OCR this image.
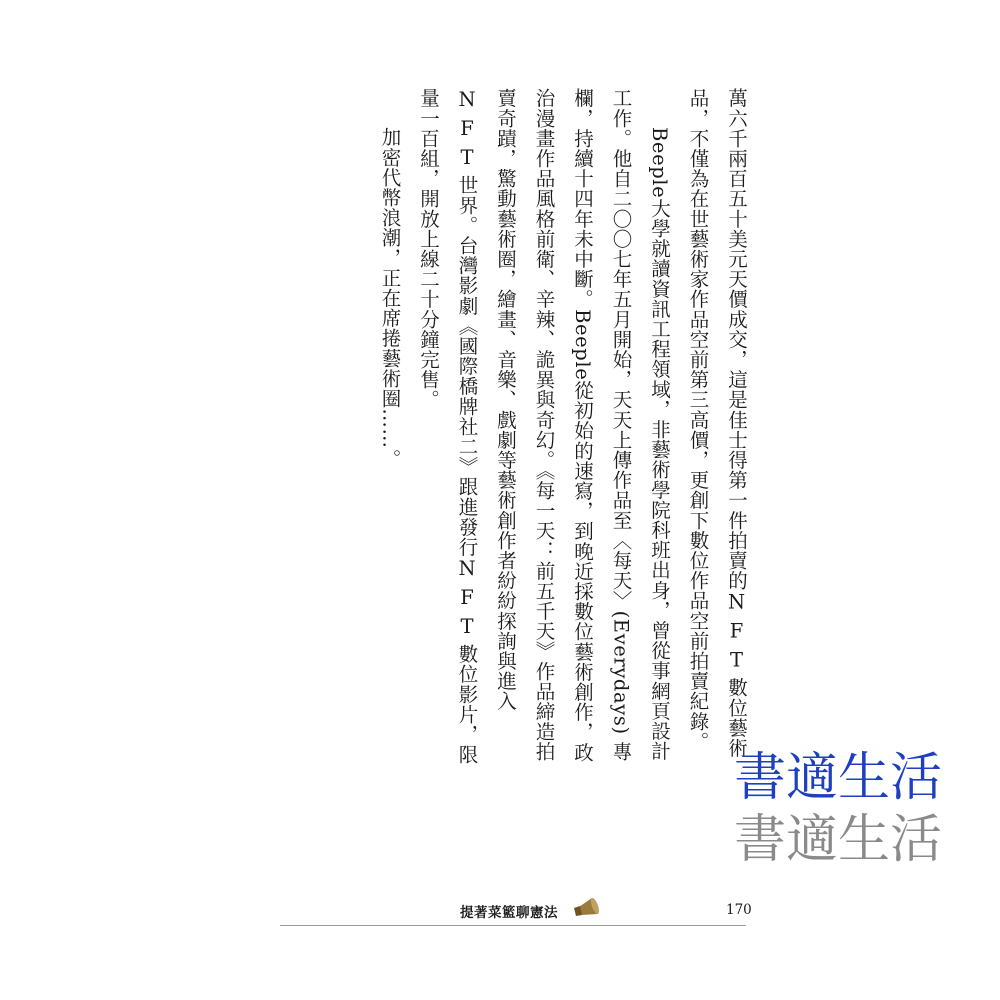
萬六千兩百五十美元天價成交，這是佳士得第一件拍賣的NFT數位藝術品，不僅為在世藝術家作品空前第三高價，更創下數位作品空前拍賣紀錄。

Beeple大學就讀資訊工程領域，非藝術學院科班出身，曾從事網頁設計工作。他自二〇〇七年五月開始，天天上傳作品至〈每天〉(Everydays) 專欄，持續十四年未中斷。Beeple從初始的速寫，到晚近採數位藝術創作，政治漫畫作品風格前衛、辛辣、詭異與奇幻。《每一天：前五千天》作品締造拍賣奇蹟，驚動藝術圈，繪畫、音樂、戲劇等藝術創作者紛紛探詢與進入NFT世界。台灣影劇《國際橋牌社二》跟進發行NFT數位影片，限量一百組，開放上線二十分鐘完售。

加密代幣浪潮，正在席捲藝術圈……。

書適生活
書適生活
提著菜籃聊憲法	170
